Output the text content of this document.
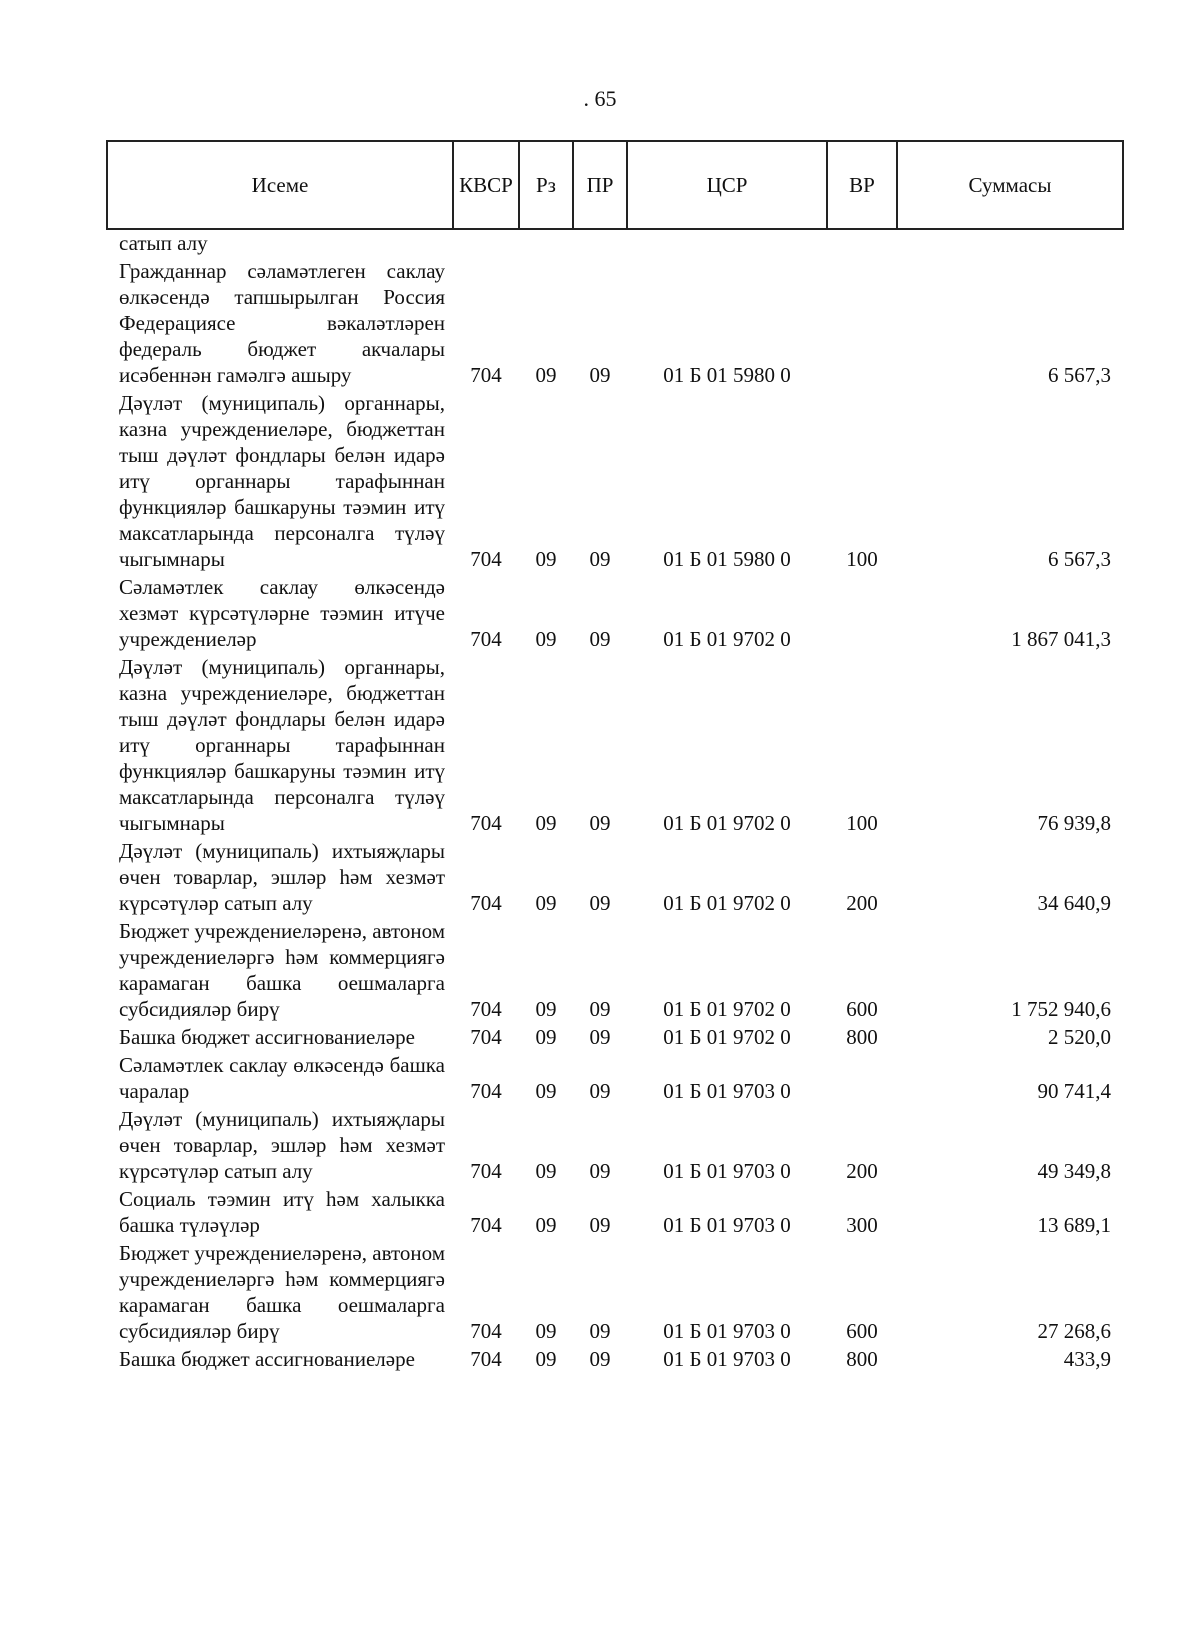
. 65
Исеме	КВСР	Рз	ПР	ЦСР	ВР	Суммасы
сатып алу						
Гражданнар сәламәтлеген саклау өлкәсендә тапшырылган Россия Федерациясе вәкаләтләрен федераль бюджет акчалары исәбеннән гамәлгә ашыру	704	09	09	01 Б 01 5980 0		6 567,3
Дәүләт (муниципаль) органнары, казна учреждениеләре, бюджеттан тыш дәүләт фондлары белән идарә итү органнары тарафыннан функцияләр башкаруны тәэмин итү максатларында персоналга түләү чыгымнары	704	09	09	01 Б 01 5980 0	100	6 567,3
Сәламәтлек саклау өлкәсендә хезмәт күрсәтүләрне тәэмин итүче учреждениеләр	704	09	09	01 Б 01 9702 0		1 867 041,3
Дәүләт (муниципаль) органнары, казна учреждениеләре, бюджеттан тыш дәүләт фондлары белән идарә итү органнары тарафыннан функцияләр башкаруны тәэмин итү максатларында персоналга түләү чыгымнары	704	09	09	01 Б 01 9702 0	100	76 939,8
Дәүләт (муниципаль) ихтыяҗлары өчен товарлар, эшләр һәм хезмәт күрсәтүләр сатып алу	704	09	09	01 Б 01 9702 0	200	34 640,9
Бюджет учреждениеләренә, автоном учреждениеләргә һәм коммерциягә карамаган башка оешмаларга субсидияләр бирү	704	09	09	01 Б 01 9702 0	600	1 752 940,6
Башка бюджет ассигнованиеләре	704	09	09	01 Б 01 9702 0	800	2 520,0
Сәламәтлек саклау өлкәсендә башка чаралар	704	09	09	01 Б 01 9703 0		90 741,4
Дәүләт (муниципаль) ихтыяҗлары өчен товарлар, эшләр һәм хезмәт күрсәтүләр сатып алу	704	09	09	01 Б 01 9703 0	200	49 349,8
Социаль тәэмин итү һәм халыкка башка түләүләр	704	09	09	01 Б 01 9703 0	300	13 689,1
Бюджет учреждениеләренә, автоном учреждениеләргә һәм коммерциягә карамаган башка оешмаларга субсидияләр бирү	704	09	09	01 Б 01 9703 0	600	27 268,6
Башка бюджет ассигнованиеләре	704	09	09	01 Б 01 9703 0	800	433,9
